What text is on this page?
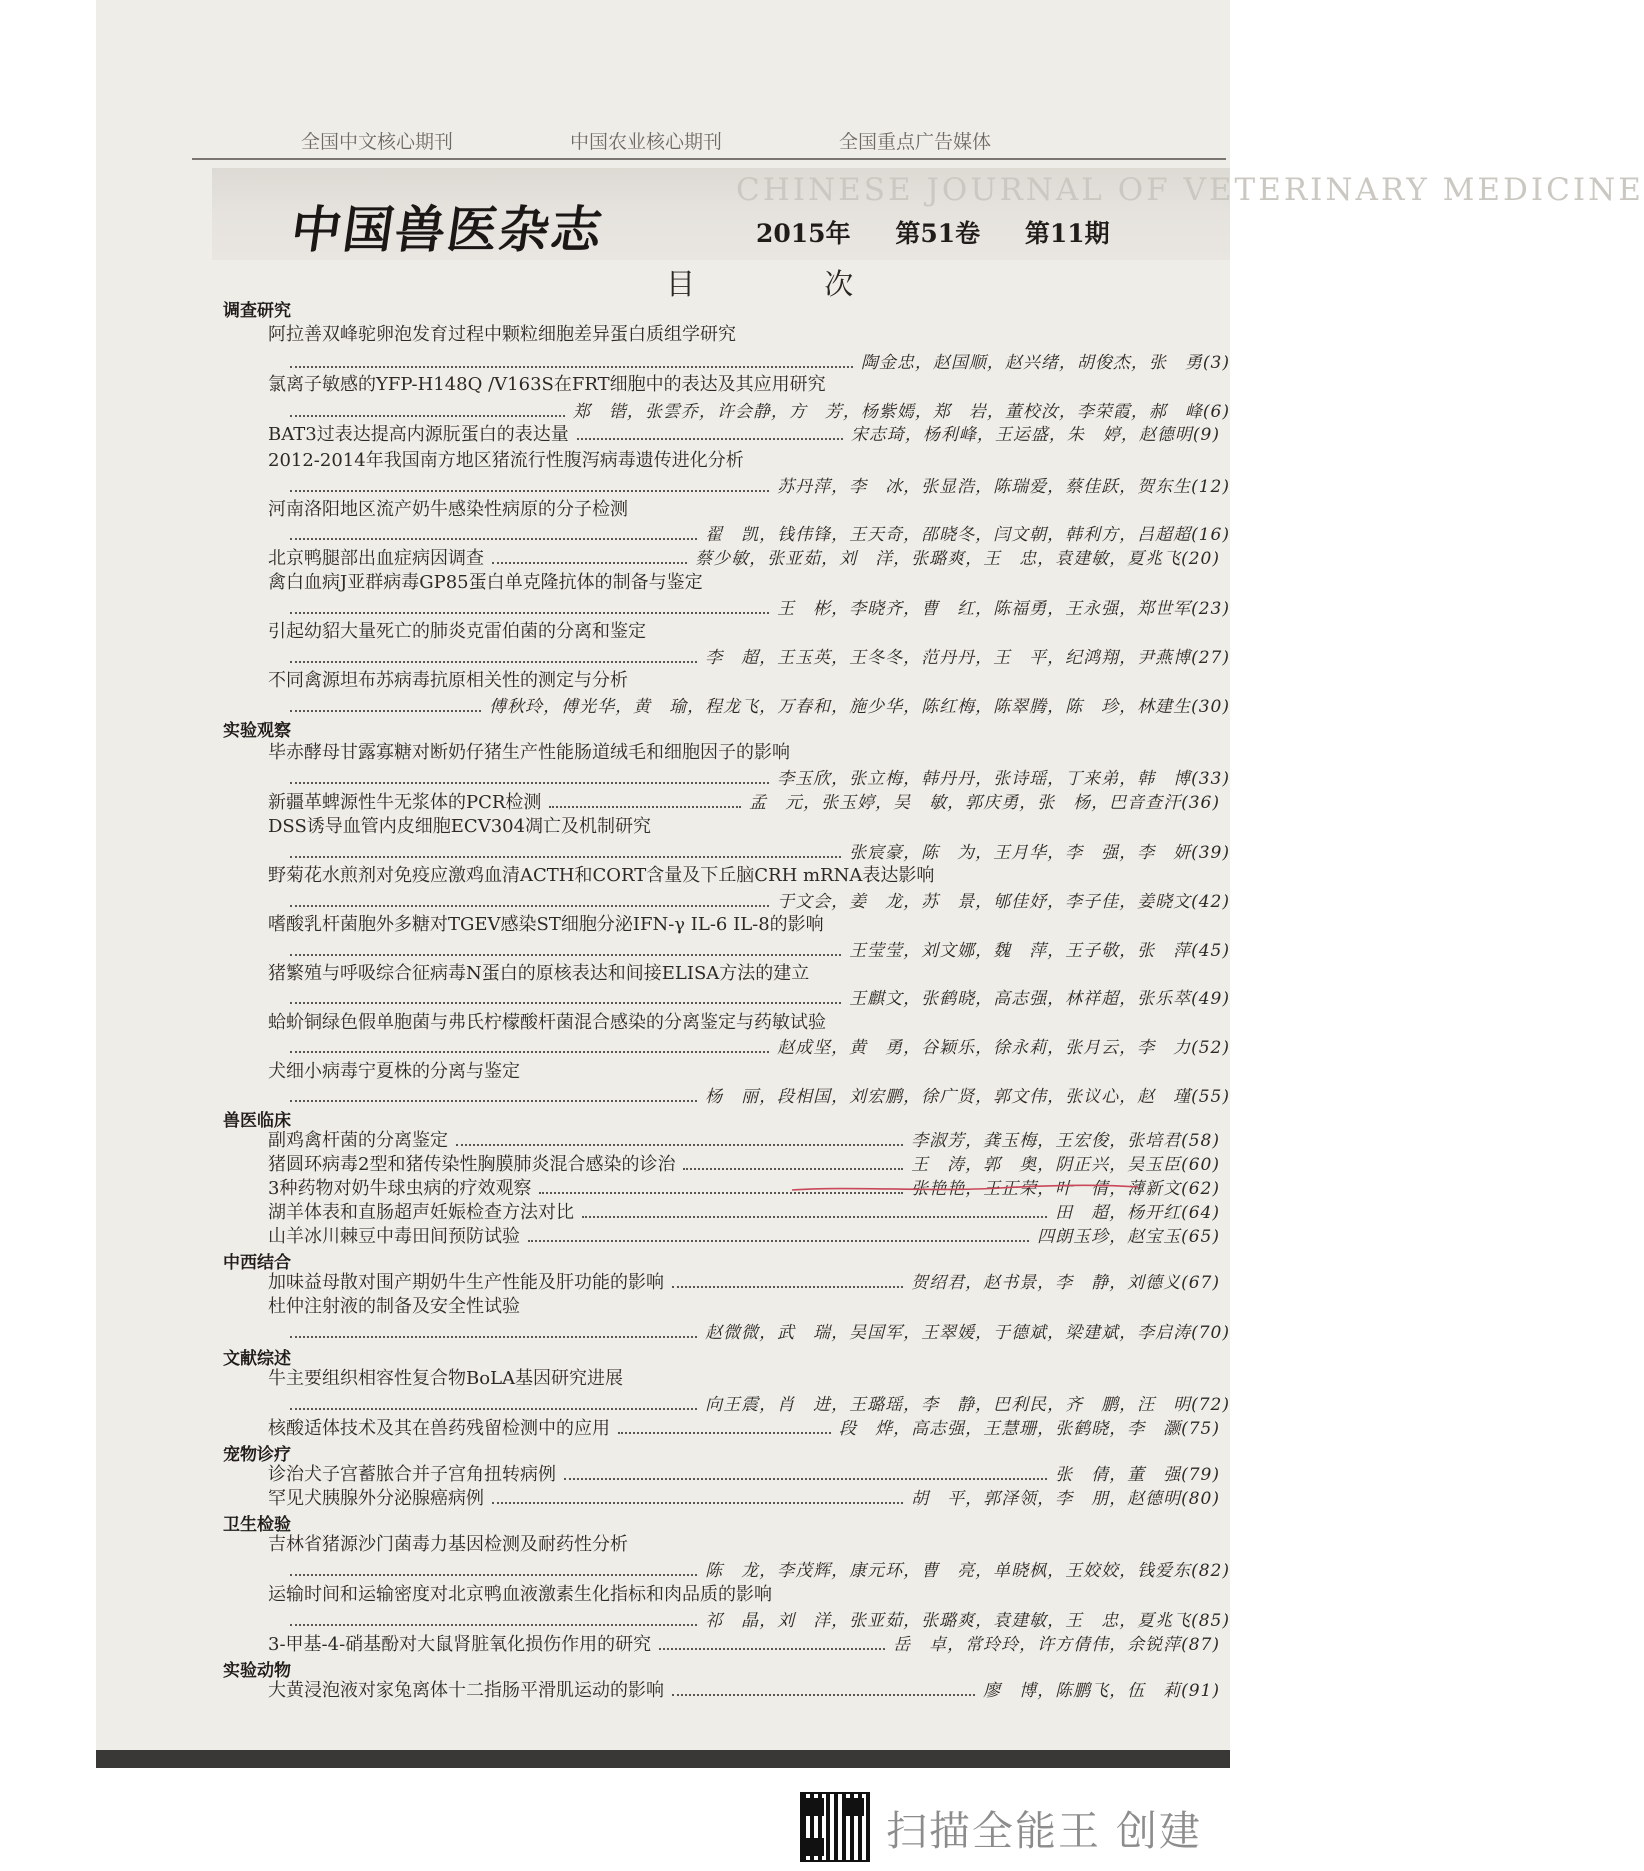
全国中文核心期刊	中国农业核心期刊	全国重点广告媒体
CHINESE JOURNAL OF VETERINARY MEDICINE
中国兽医杂志	2015年 第51卷 第11期
目 次
调查研究
阿拉善双峰驼卵泡发育过程中颗粒细胞差异蛋白质组学研究
陶金忠，赵国顺，赵兴绪，胡俊杰，张　勇(3)
氯离子敏感的YFP-H148Q /V163S在FRT细胞中的表达及其应用研究
郑　锴，张雲乔，许会静，方　芳，杨紫嫣，郑　岩，董校汝，李荣霞，郝　峰(6)
BAT3过表达提高内源朊蛋白的表达量	宋志琦，杨利峰，王运盛，朱　婷，赵德明(9)
2012-2014年我国南方地区猪流行性腹泻病毒遗传进化分析
苏丹萍，李　冰，张显浩，陈瑞爱，蔡佳跃，贺东生(12)
河南洛阳地区流产奶牛感染性病原的分子检测
翟　凯，钱伟锋，王天奇，邵晓冬，闫文朝，韩利方，吕超超(16)
北京鸭腿部出血症病因调查	蔡少敏，张亚茹，刘　洋，张璐爽，王　忠，袁建敏，夏兆飞(20)
禽白血病J亚群病毒GP85蛋白单克隆抗体的制备与鉴定
王　彬，李晓齐，曹　红，陈福勇，王永强，郑世军(23)
引起幼貂大量死亡的肺炎克雷伯菌的分离和鉴定
李　超，王玉英，王冬冬，范丹丹，王　平，纪鸿翔，尹燕博(27)
不同禽源坦布苏病毒抗原相关性的测定与分析
傅秋玲，傅光华，黄　瑜，程龙飞，万春和，施少华，陈红梅，陈翠腾，陈　珍，林建生(30)
实验观察
毕赤酵母甘露寡糖对断奶仔猪生产性能肠道绒毛和细胞因子的影响
李玉欣，张立梅，韩丹丹，张诗瑶，丁来弟，韩　博(33)
新疆革蜱源性牛无浆体的PCR检测	孟　元，张玉婷，吴　敏，郭庆勇，张　杨，巴音查汗(36)
DSS诱导血管内皮细胞ECV304凋亡及机制研究
张宸豪，陈　为，王月华，李　强，李　妍(39)
野菊花水煎剂对免疫应激鸡血清ACTH和CORT含量及下丘脑CRH mRNA表达影响
于文会，姜　龙，苏　景，郇佳妤，李子佳，姜晓文(42)
嗜酸乳杆菌胞外多糖对TGEV感染ST细胞分泌IFN-γ IL-6 IL-8的影响
王莹莹，刘文娜，魏　萍，王子敬，张　萍(45)
猪繁殖与呼吸综合征病毒N蛋白的原核表达和间接ELISA方法的建立
王麒文，张鹤晓，高志强，林祥超，张乐萃(49)
蛤蚧铜绿色假单胞菌与弗氏柠檬酸杆菌混合感染的分离鉴定与药敏试验
赵成坚，黄　勇，谷颖乐，徐永莉，张月云，李　力(52)
犬细小病毒宁夏株的分离与鉴定
杨　丽，段相国，刘宏鹏，徐广贤，郭文伟，张议心，赵　瑾(55)
兽医临床
副鸡禽杆菌的分离鉴定	李淑芳，龚玉梅，王宏俊，张培君(58)
猪圆环病毒2型和猪传染性胸膜肺炎混合感染的诊治	王　涛，郭　奥，阴正兴，吴玉臣(60)
3种药物对奶牛球虫病的疗效观察	张艳艳，王正荣，叶　倩，薄新文(62)
湖羊体表和直肠超声妊娠检查方法对比	田　超，杨开红(64)
山羊冰川棘豆中毒田间预防试验	四朗玉珍，赵宝玉(65)
中西结合
加味益母散对围产期奶牛生产性能及肝功能的影响	贺绍君，赵书景，李　静，刘德义(67)
杜仲注射液的制备及安全性试验
赵微微，武　瑞，吴国军，王翠媛，于德斌，梁建斌，李启涛(70)
文献综述
牛主要组织相容性复合物BoLA基因研究进展
向王震，肖　进，王璐瑶，李　静，巴利民，齐　鹏，汪　明(72)
核酸适体技术及其在兽药残留检测中的应用	段　烨，高志强，王慧珊，张鹤晓，李　灏(75)
宠物诊疗
诊治犬子宫蓄脓合并子宫角扭转病例	张　倩，董　强(79)
罕见犬胰腺外分泌腺癌病例	胡　平，郭泽领，李　朋，赵德明(80)
卫生检验
吉林省猪源沙门菌毒力基因检测及耐药性分析
陈　龙，李茂辉，康元环，曹　亮，单晓枫，王姣姣，钱爱东(82)
运输时间和运输密度对北京鸭血液激素生化指标和肉品质的影响
祁　晶，刘　洋，张亚茹，张璐爽，袁建敏，王　忠，夏兆飞(85)
3-甲基-4-硝基酚对大鼠肾脏氧化损伤作用的研究	岳　卓，常玲玲，许方倩伟，余锐萍(87)
实验动物
大黄浸泡液对家兔离体十二指肠平滑肌运动的影响	廖　博，陈鹏飞，伍　莉(91)
扫描全能王 创建
